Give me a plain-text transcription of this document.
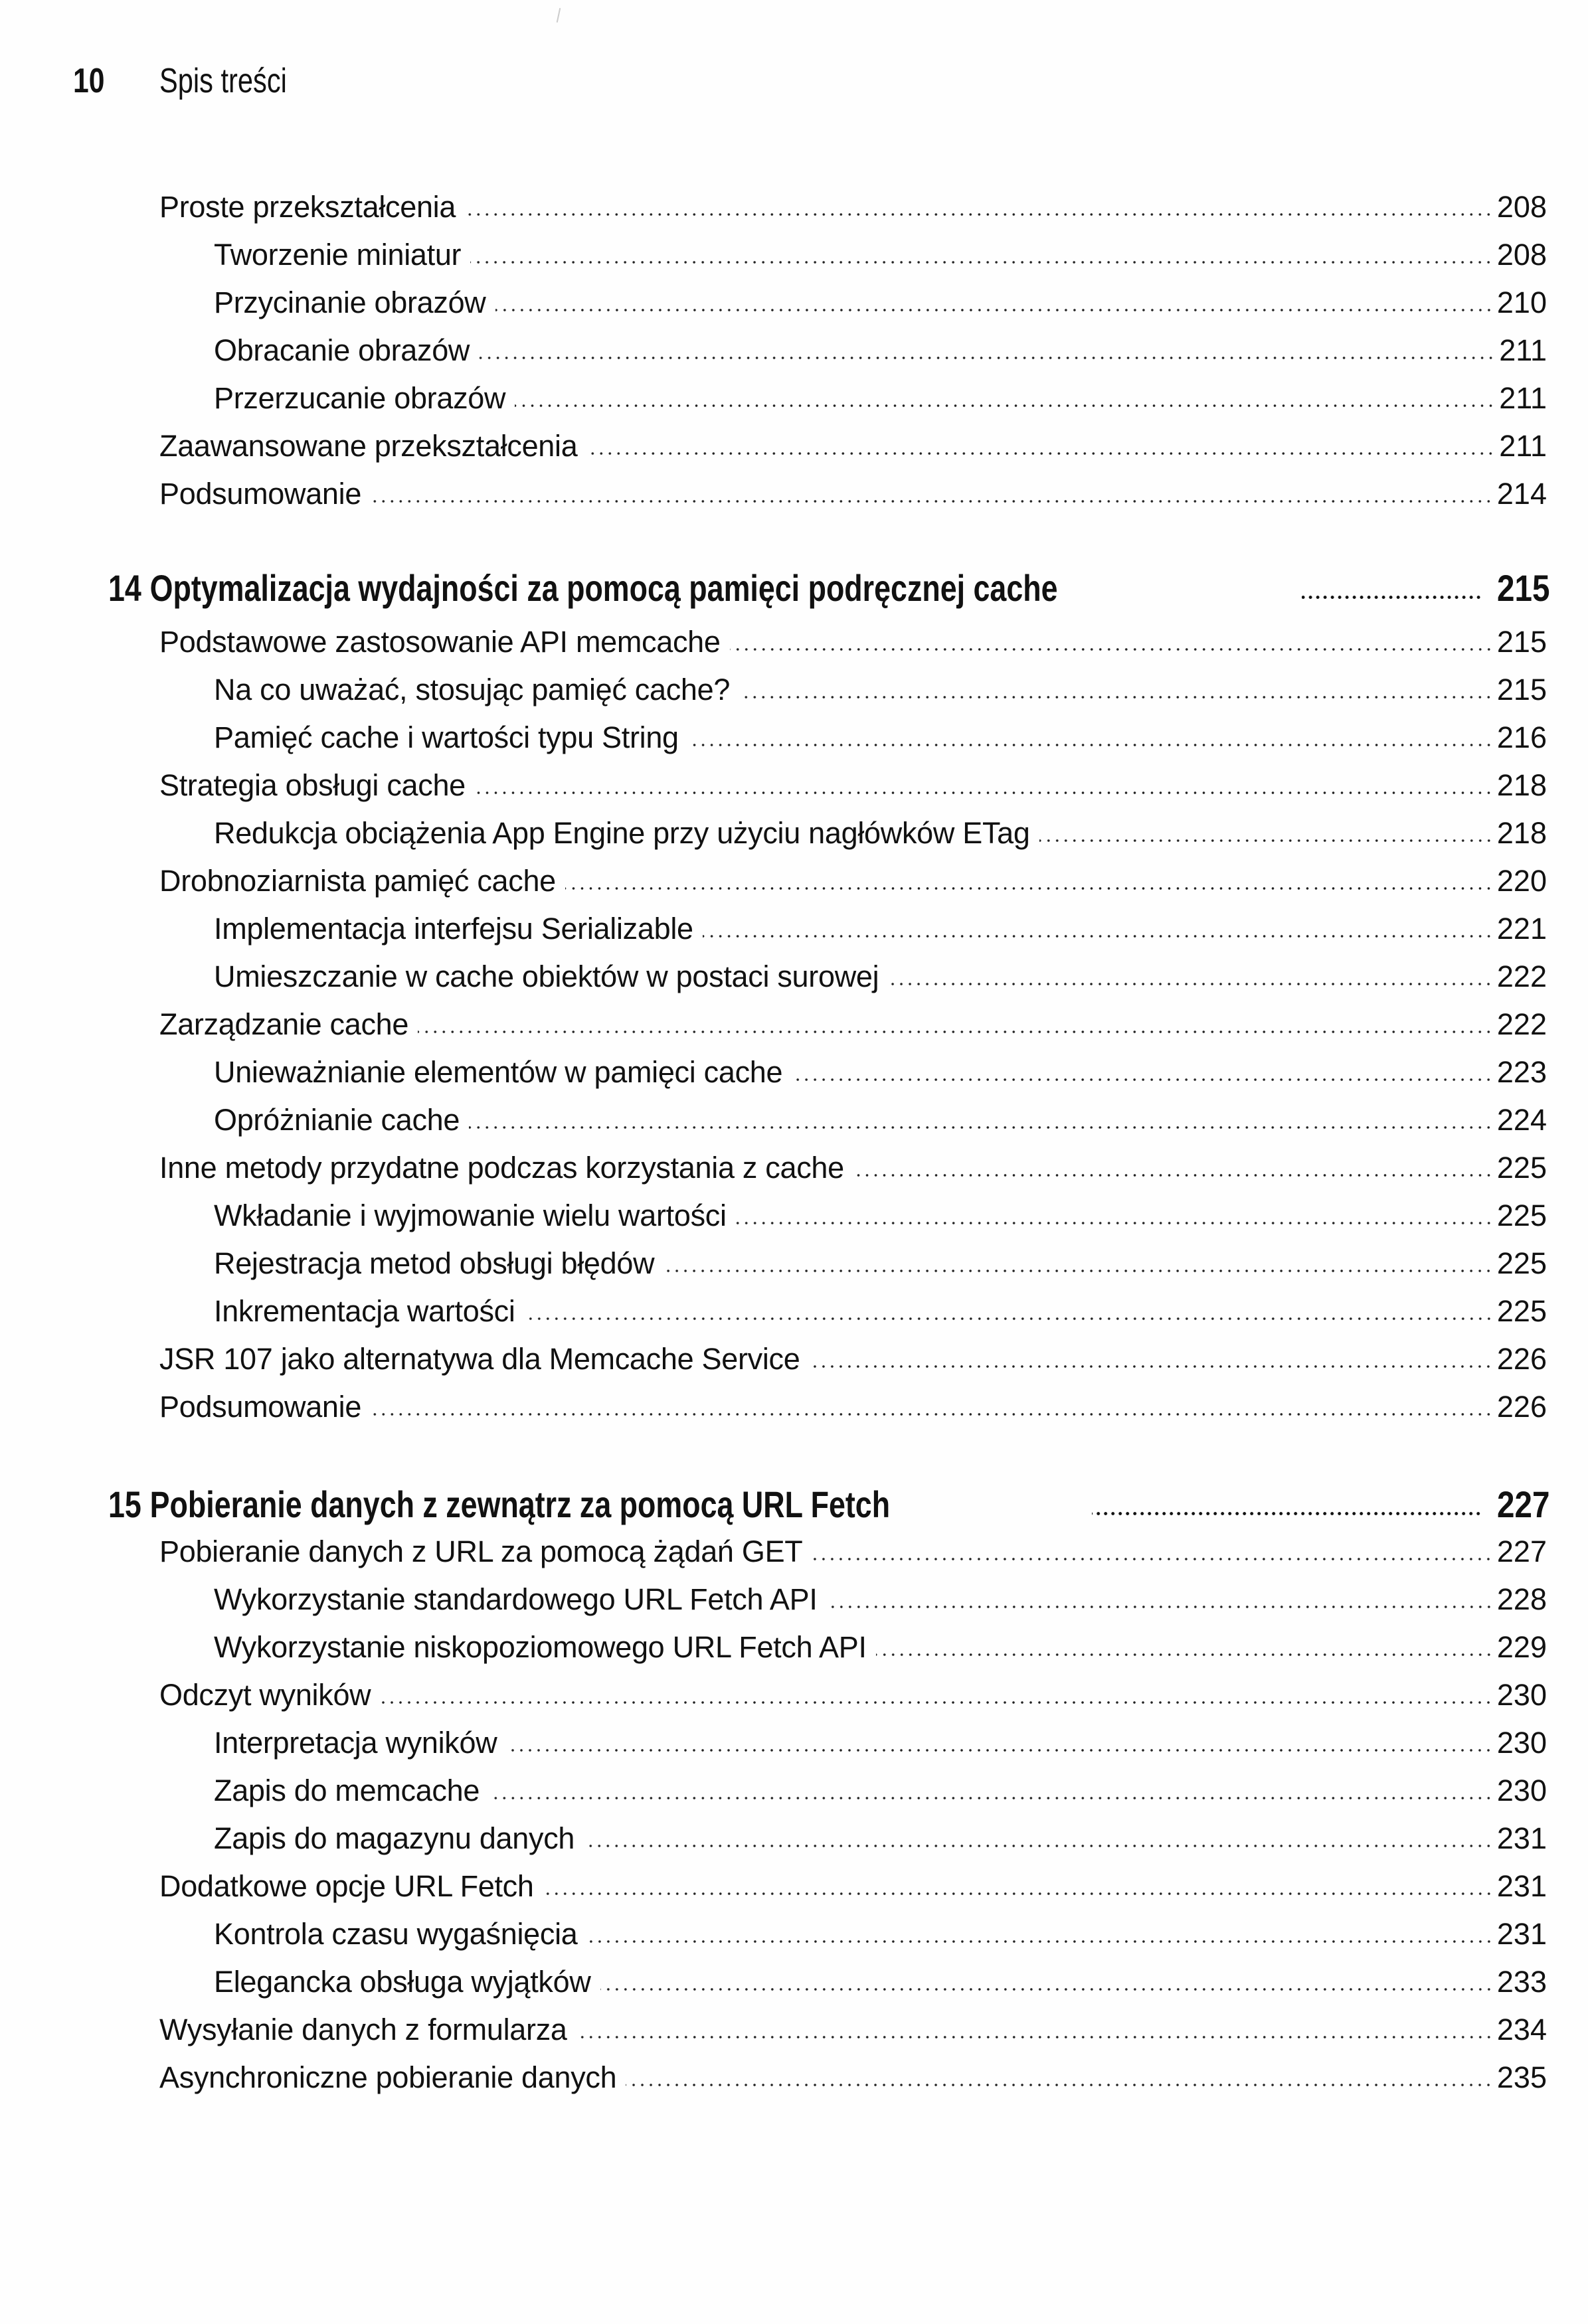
10	Spis treści
Proste przekształcenia	208
Tworzenie miniatur	208
Przycinanie obrazów	210
Obracanie obrazów	211
Przerzucanie obrazów	211
Zaawansowane przekształcenia	211
Podsumowanie	214
14 Optymalizacja wydajności za pomocą pamięci podręcznej cache	215
Podstawowe zastosowanie API memcache	215
Na co uważać, stosując pamięć cache?	215
Pamięć cache i wartości typu String	216
Strategia obsługi cache	218
Redukcja obciążenia App Engine przy użyciu nagłówków ETag	218
Drobnoziarnista pamięć cache	220
Implementacja interfejsu Serializable	221
Umieszczanie w cache obiektów w postaci surowej	222
Zarządzanie cache	222
Unieważnianie elementów w pamięci cache	223
Opróżnianie cache	224
Inne metody przydatne podczas korzystania z cache	225
Wkładanie i wyjmowanie wielu wartości	225
Rejestracja metod obsługi błędów	225
Inkrementacja wartości	225
JSR 107 jako alternatywa dla Memcache Service	226
Podsumowanie	226
15 Pobieranie danych z zewnątrz za pomocą URL Fetch	227
Pobieranie danych z URL za pomocą żądań GET	227
Wykorzystanie standardowego URL Fetch API	228
Wykorzystanie niskopoziomowego URL Fetch API	229
Odczyt wyników	230
Interpretacja wyników	230
Zapis do memcache	230
Zapis do magazynu danych	231
Dodatkowe opcje URL Fetch	231
Kontrola czasu wygaśnięcia	231
Elegancka obsługa wyjątków	233
Wysyłanie danych z formularza	234
Asynchroniczne pobieranie danych	235
